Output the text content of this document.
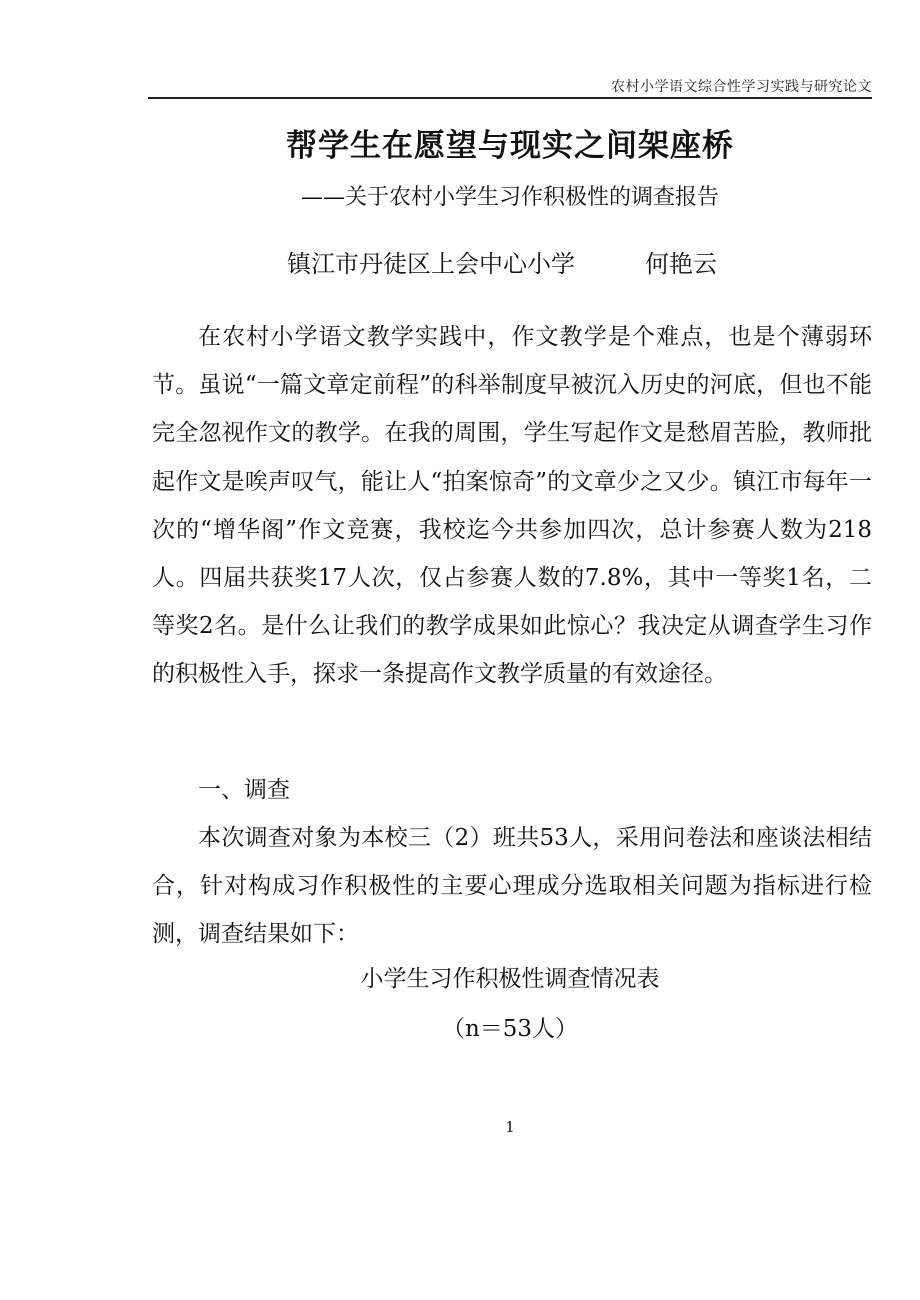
农村小学语文综合性学习实践与研究论文
帮学生在愿望与现实之间架座桥
——关于农村小学生习作积极性的调查报告
镇江市丹徒区上会中心小学	何艳云
在农村小学语文教学实践中，作文教学是个难点，也是个薄弱环节。虽说“一篇文章定前程”的科举制度早被沉入历史的河底，但也不能完全忽视作文的教学。在我的周围，学生写起作文是愁眉苦脸，教师批起作文是唉声叹气，能让人“拍案惊奇”的文章少之又少。镇江市每年一次的“增华阁”作文竞赛，我校迄今共参加四次，总计参赛人数为218人。四届共获奖17人次，仅占参赛人数的7.8%，其中一等奖1名，二等奖2名。是什么让我们的教学成果如此惊心？我决定从调查学生习作的积极性入手，探求一条提高作文教学质量的有效途径。
一、调查
本次调查对象为本校三（2）班共53人，采用问卷法和座谈法相结合，针对构成习作积极性的主要心理成分选取相关问题为指标进行检测，调查结果如下：
小学生习作积极性调查情况表
（n＝53人）
1
